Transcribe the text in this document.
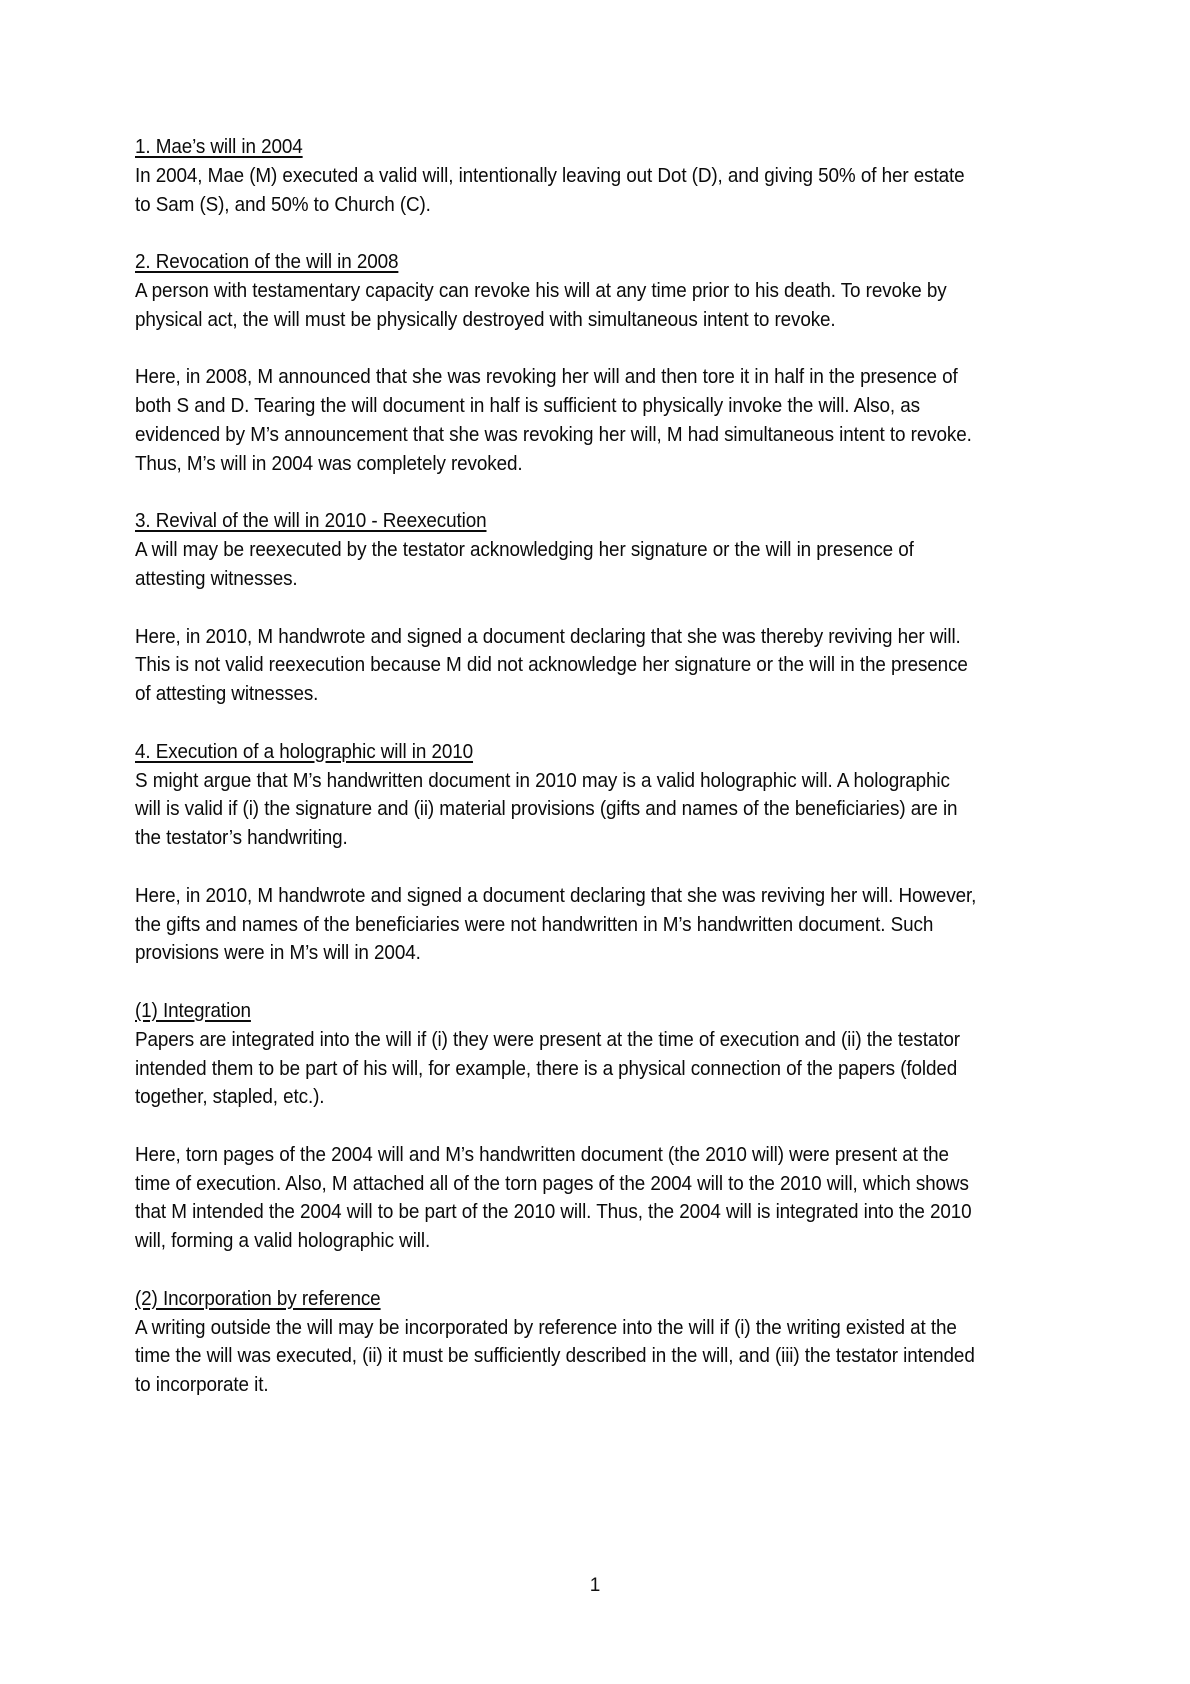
1. Mae’s will in 2004
In 2004, Mae (M) executed a valid will, intentionally leaving out Dot (D), and giving 50% of her estate to Sam (S), and 50% to Church (C).
2. Revocation of the will in 2008
A person with testamentary capacity can revoke his will at any time prior to his death. To revoke by physical act, the will must be physically destroyed with simultaneous intent to revoke.
Here, in 2008, M announced that she was revoking her will and then tore it in half in the presence of both S and D. Tearing the will document in half is sufficient to physically invoke the will. Also, as evidenced by M’s announcement that she was revoking her will, M had simultaneous intent to revoke. Thus, M’s will in 2004 was completely revoked.
3. Revival of the will in 2010 - Reexecution
A will may be reexecuted by the testator acknowledging her signature or the will in presence of attesting witnesses.
Here, in 2010, M handwrote and signed a document declaring that she was thereby reviving her will. This is not valid reexecution because M did not acknowledge her signature or the will in the presence of attesting witnesses.
4. Execution of a holographic will in 2010
S might argue that M’s handwritten document in 2010 may is a valid holographic will. A holographic will is valid if (i) the signature and (ii) material provisions (gifts and names of the beneficiaries) are in the testator’s handwriting.
Here, in 2010, M handwrote and signed a document declaring that she was reviving her will. However, the gifts and names of the beneficiaries were not handwritten in M’s handwritten document. Such provisions were in M’s will in 2004.
(1) Integration
Papers are integrated into the will if (i) they were present at the time of execution and (ii) the testator intended them to be part of his will, for example, there is a physical connection of the papers (folded together, stapled, etc.).
Here, torn pages of the 2004 will and M’s handwritten document (the 2010 will) were present at the time of execution. Also, M attached all of the torn pages of the 2004 will to the 2010 will, which shows that M intended the 2004 will to be part of the 2010 will. Thus, the 2004 will is integrated into the 2010 will, forming a valid holographic will.
(2) Incorporation by reference
A writing outside the will may be incorporated by reference into the will if (i) the writing existed at the time the will was executed, (ii) it must be sufficiently described in the will, and (iii) the testator intended to incorporate it.
1
